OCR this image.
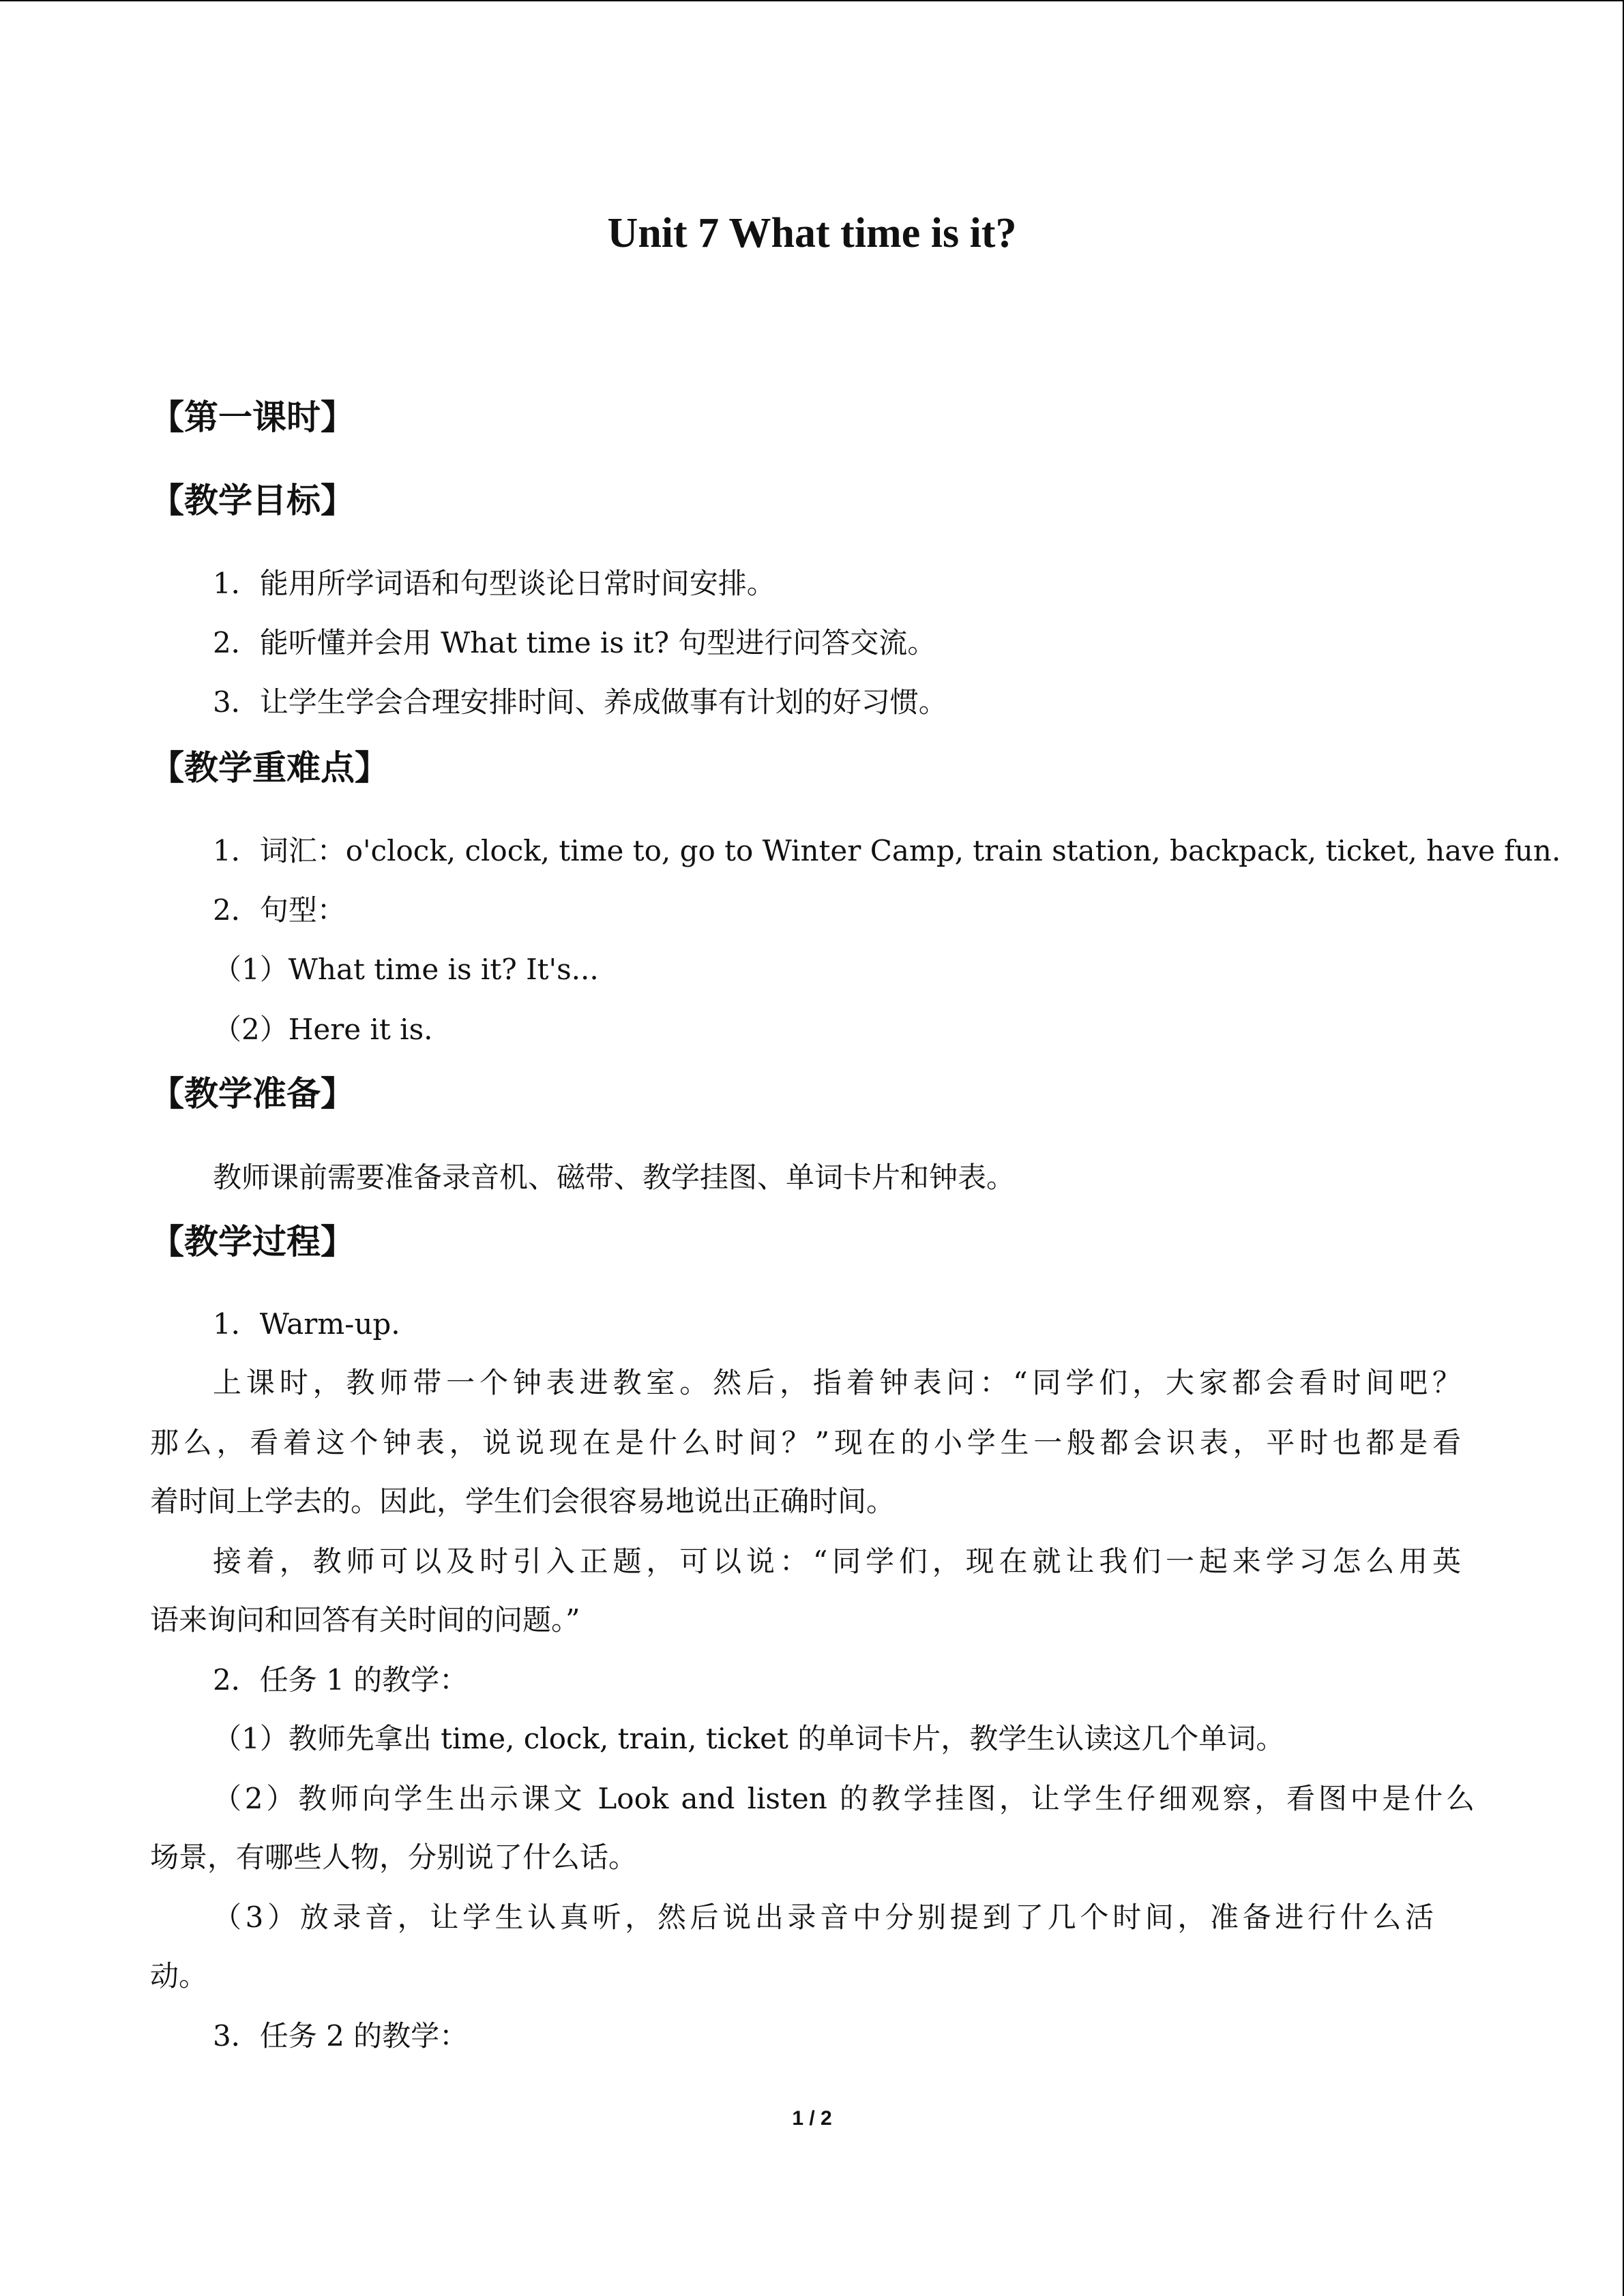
Unit 7 What time is it?
【第一课时】
【教学目标】
1．能用所学词语和句型谈论日常时间安排。
2．能听懂并会用 What time is it? 句型进行问答交流。
3．让学生学会合理安排时间、养成做事有计划的好习惯。
【教学重难点】
1．词汇：o'clock, clock, time to, go to Winter Camp, train station, backpack, ticket, have fun.
2．句型：
（1）What time is it? It's...
（2）Here it is.
【教学准备】
教师课前需要准备录音机、磁带、教学挂图、单词卡片和钟表。
【教学过程】
1．Warm-up.
上课时，教师带一个钟表进教室。然后，指着钟表问：“同学们，大家都会看时间吧？
那么，看着这个钟表，说说现在是什么时间？”现在的小学生一般都会识表，平时也都是看
着时间上学去的。因此，学生们会很容易地说出正确时间。
接着，教师可以及时引入正题，可以说：“同学们，现在就让我们一起来学习怎么用英
语来询问和回答有关时间的问题。”
2．任务 1 的教学：
（1）教师先拿出 time, clock, train, ticket 的单词卡片，教学生认读这几个单词。
（2）教师向学生出示课文 Look and listen 的教学挂图，让学生仔细观察，看图中是什么
场景，有哪些人物，分别说了什么话。
（3）放录音，让学生认真听，然后说出录音中分别提到了几个时间，准备进行什么活
动。
3．任务 2 的教学：
1 / 2
